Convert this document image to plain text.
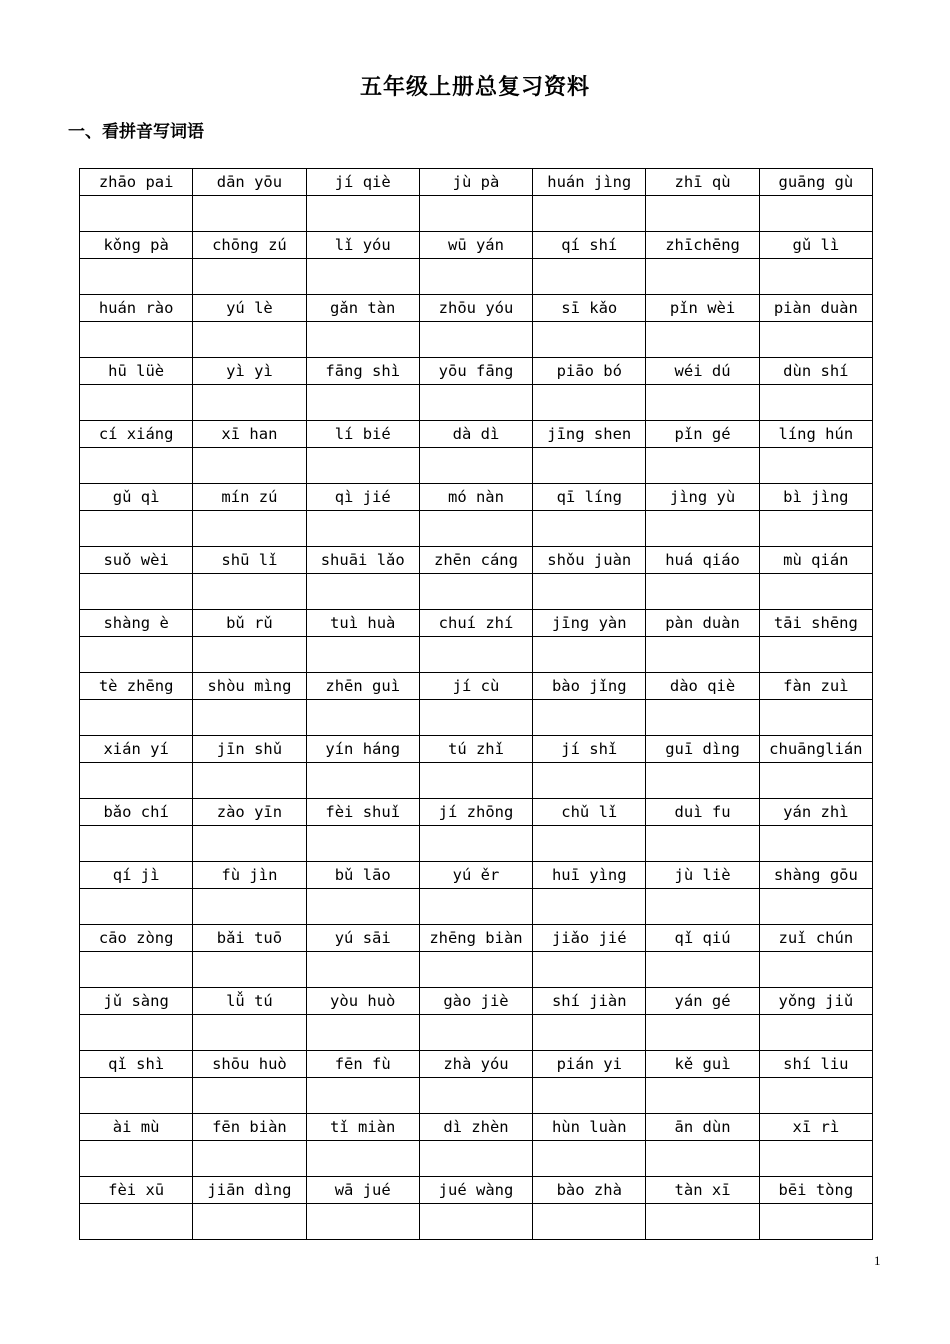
五年级上册总复习资料
一、看拼音写词语
zhāo pai	dān yōu	jí qiè	jù pà	huán jìng	zhī qù	guāng gù

kǒng pà	chōng zú	lǐ yóu	wū yán	qí shí	zhīchēng	gǔ lì

huán rào	yú lè	gǎn tàn	zhōu yóu	sī kǎo	pǐn wèi	piàn duàn

hū lüè	yì yì	fāng shì	yōu fāng	piāo bó	wéi dú	dùn shí

cí xiáng	xī han	lí bié	dà dì	jīng shen	pǐn gé	líng hún

gǔ qì	mín zú	qì jié	mó nàn	qī líng	jìng yù	bì jìng

suǒ wèi	shū lǐ	shuāi lǎo	zhēn cáng	shǒu juàn	huá qiáo	mù qián

shàng è	bǔ rǔ	tuì huà	chuí zhí	jīng yàn	pàn duàn	tāi shēng

tè zhēng	shòu mìng	zhēn guì	jí cù	bào jǐng	dào qiè	fàn zuì

xián yí	jīn shǔ	yín háng	tú zhǐ	jí shǐ	guī dìng	chuānglián

bǎo chí	zào yīn	fèi shuǐ	jí zhōng	chǔ lǐ	duì fu	yán zhì

qí jì	fù jìn	bǔ lāo	yú ěr	huī yìng	jù liè	shàng gōu

cāo zòng	bǎi tuō	yú sāi	zhēng biàn	jiǎo jié	qǐ qiú	zuǐ chún

jǔ sàng	lǚ tú	yòu huò	gào jiè	shí jiàn	yán gé	yǒng jiǔ

qǐ shì	shōu huò	fēn fù	zhà yóu	pián yi	kě guì	shí liu

ài mù	fēn biàn	tǐ miàn	dì zhèn	hùn luàn	ān dùn	xī rì

fèi xū	jiān dìng	wā jué	jué wàng	bào zhà	tàn xī	bēi tòng

1
